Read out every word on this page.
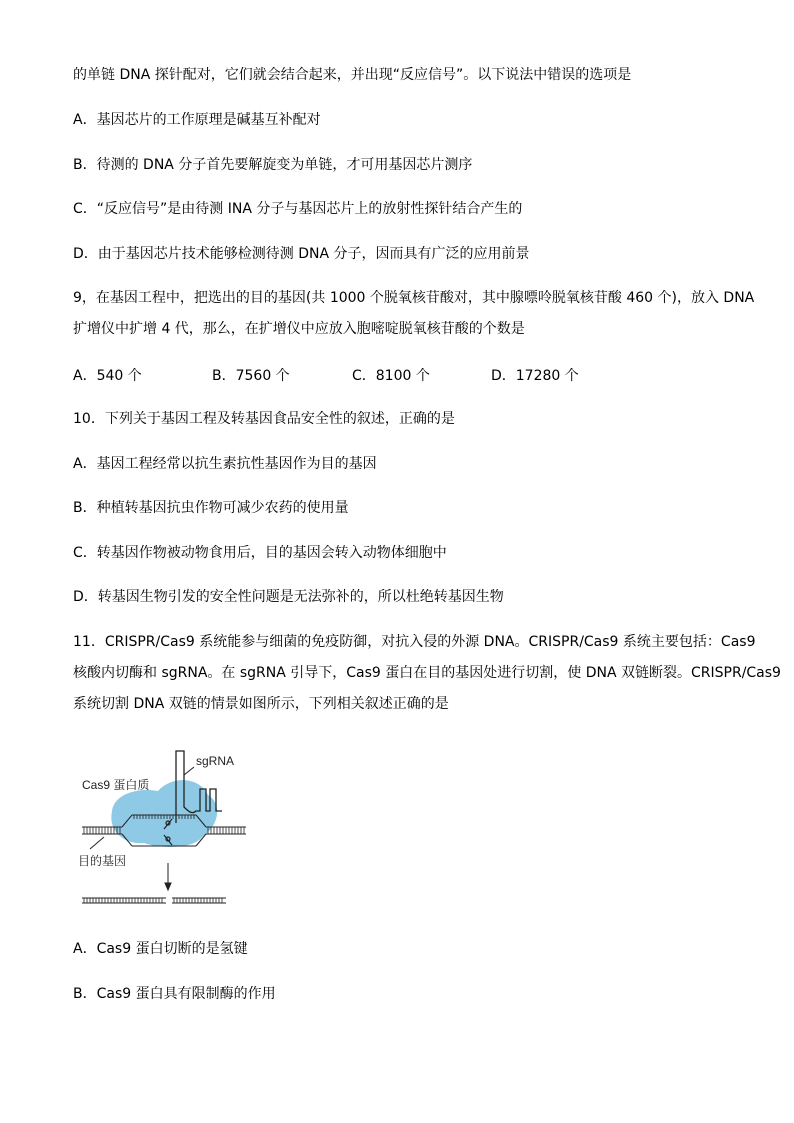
的单链 DNA 探针配对，它们就会结合起来，并出现“反应信号”。以下说法中错误的选项是
A．基因芯片的工作原理是碱基互补配对
B．待测的 DNA 分子首先要解旋变为单链，才可用基因芯片测序
C．“反应信号”是由待测 INA 分子与基因芯片上的放射性探针结合产生的
D．由于基因芯片技术能够检测待测 DNA 分子，因而具有广泛的应用前景
9，在基因工程中，把选出的目的基因(共 1000 个脱氧核苷酸对，其中腺嘌呤脱氧核苷酸 460 个)，放入 DNA
扩增仪中扩增 4 代，那么，在扩增仪中应放入胞嘧啶脱氧核苷酸的个数是
A．540 个	B．7560 个	C．8100 个	D．17280 个
10．下列关于基因工程及转基因食品安全性的叙述，正确的是
A．基因工程经常以抗生素抗性基因作为目的基因
B．种植转基因抗虫作物可减少农药的使用量
C．转基因作物被动物食用后，目的基因会转入动物体细胞中
D．转基因生物引发的安全性问题是无法弥补的，所以杜绝转基因生物
11．CRISPR/Cas9 系统能参与细菌的免疫防御，对抗入侵的外源 DNA。CRISPR/Cas9 系统主要包括：Cas9
核酸内切酶和 sgRNA。在 sgRNA 引导下，Cas9 蛋白在目的基因处进行切割，使 DNA 双链断裂。CRISPR/Cas9
系统切割 DNA 双链的情景如图所示，下列相关叙述正确的是
sgRNA
Cas9 蛋白质
目的基因
A．Cas9 蛋白切断的是氢键
B．Cas9 蛋白具有限制酶的作用
